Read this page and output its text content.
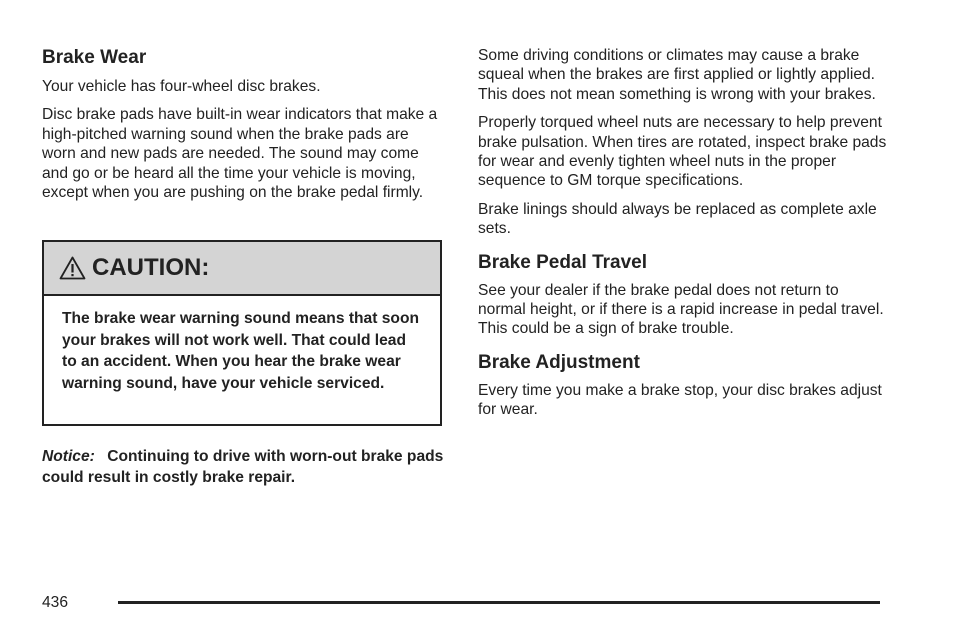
Brake Wear

Your vehicle has four-wheel disc brakes.

Disc brake pads have built-in wear indicators that make a high-pitched warning sound when the brake pads are worn and new pads are needed. The sound may come and go or be heard all the time your vehicle is moving, except when you are pushing on the brake pedal firmly.

CAUTION:
The brake wear warning sound means that soon your brakes will not work well. That could lead to an accident. When you hear the brake wear warning sound, have your vehicle serviced.
Notice: Continuing to drive with worn-out brake pads could result in costly brake repair.

Some driving conditions or climates may cause a brake squeal when the brakes are first applied or lightly applied. This does not mean something is wrong with your brakes.

Properly torqued wheel nuts are necessary to help prevent brake pulsation. When tires are rotated, inspect brake pads for wear and evenly tighten wheel nuts in the proper sequence to GM torque specifications.

Brake linings should always be replaced as complete axle sets.

Brake Pedal Travel

See your dealer if the brake pedal does not return to normal height, or if there is a rapid increase in pedal travel. This could be a sign of brake trouble.

Brake Adjustment

Every time you make a brake stop, your disc brakes adjust for wear.

436
